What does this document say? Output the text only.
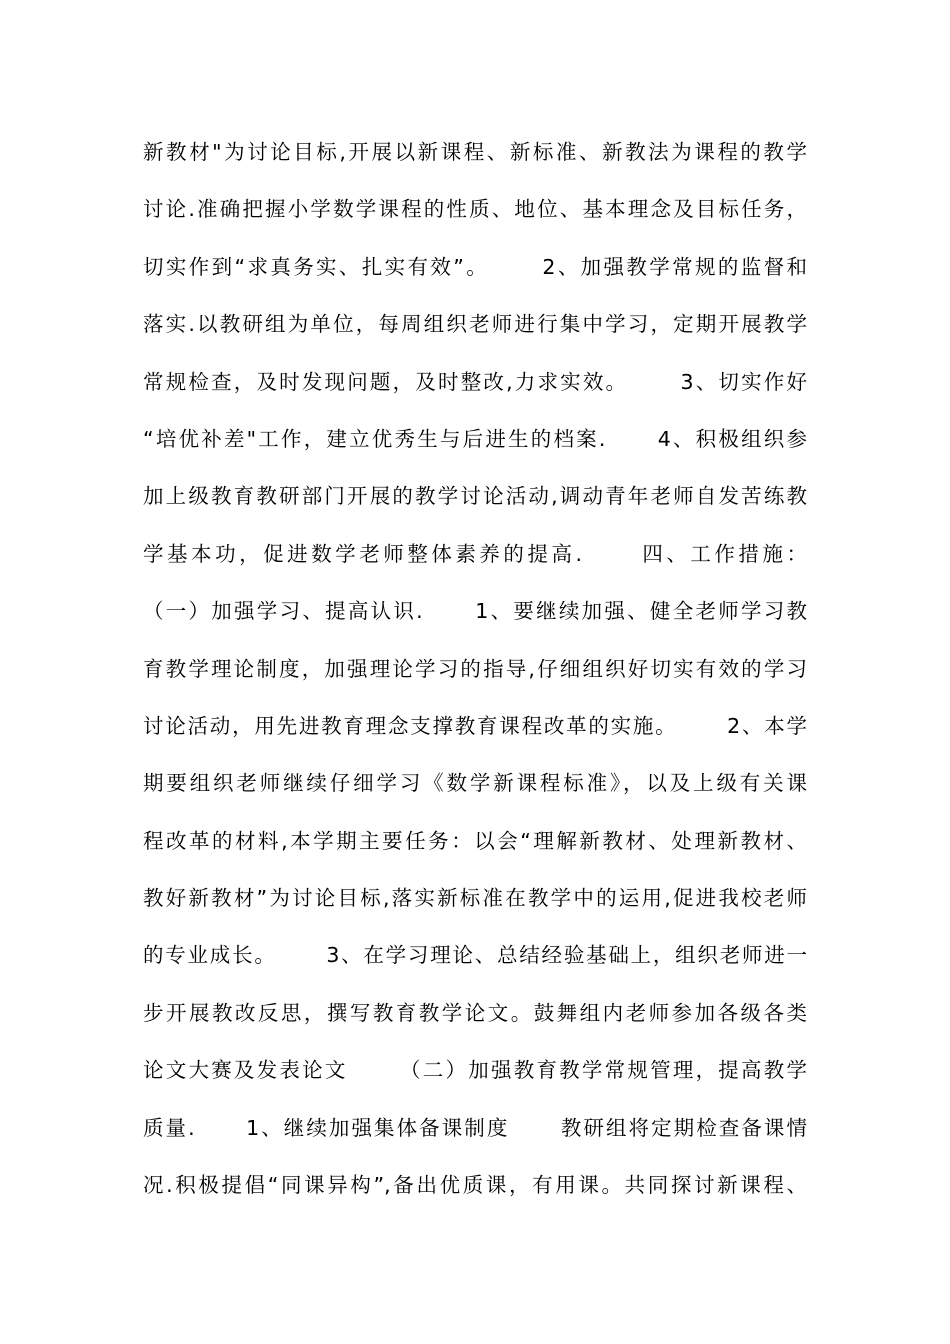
新教材"为讨论目标,开展以新课程、新标准、新教法为课程的教学
讨论.准确把握小学数学课程的性质、地位、基本理念及目标任务，
切实作到“求真务实、扎实有效”。      2、加强教学常规的监督和
落实.以教研组为单位，每周组织老师进行集中学习，定期开展教学
常规检查，及时发现问题，及时整改,力求实效。      3、切实作好
“培优补差"工作，建立优秀生与后进生的档案.      4、积极组织参
加上级教育教研部门开展的教学讨论活动,调动青年老师自发苦练教
学基本功，促进数学老师整体素养的提高.      四、工作措施：
（一）加强学习、提高认识.      1、要继续加强、健全老师学习教
育教学理论制度，加强理论学习的指导,仔细组织好切实有效的学习
讨论活动，用先进教育理念支撑教育课程改革的实施。      2、本学
期要组织老师继续仔细学习《数学新课程标准》，以及上级有关课
程改革的材料,本学期主要任务：以会“理解新教材、处理新教材、
教好新教材”为讨论目标,落实新标准在教学中的运用,促进我校老师
的专业成长。      3、在学习理论、总结经验基础上，组织老师进一
步开展教改反思，撰写教育教学论文。鼓舞组内老师参加各级各类
论文大赛及发表论文      （二）加强教育教学常规管理，提高教学
质量.      1、继续加强集体备课制度      教研组将定期检查备课情
况.积极提倡“同课异构”,备出优质课，有用课。共同探讨新课程、
